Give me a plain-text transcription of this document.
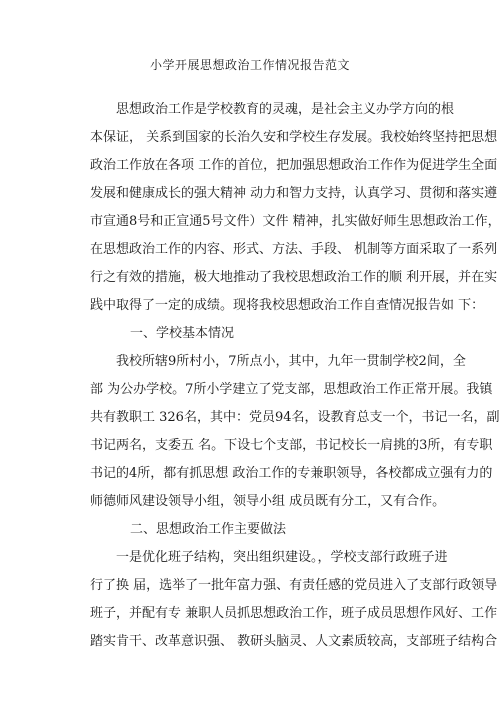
小学开展思想政治工作情况报告范文
　　思想政治工作是学校教育的灵魂，是社会主义办学方向的根
本保证， 关系到国家的长治久安和学校生存发展。我校始终坚持把思想
政治工作放在各项 工作的首位，把加强思想政治工作作为促进学生全面
发展和健康成长的强大精神 动力和智力支持，认真学习、贯彻和落实遵
市宣通8号和正宣通5号文件）文件 精神，扎实做好师生思想政治工作，
在思想政治工作的内容、形式、方法、手段、 机制等方面采取了一系列
行之有效的措施，极大地推动了我校思想政治工作的顺 利开展，并在实
践中取得了一定的成绩。现将我校思想政治工作自查情况报告如 下：
一、学校基本情况
　　我校所辖9所村小，7所点小，其中，九年一贯制学校2间，全
部 为公办学校。7所小学建立了党支部，思想政治工作正常开展。我镇
共有教职工 326名，其中：党员94名，设教育总支一个，书记一名，副
书记两名，支委五 名。下设七个支部，书记校长一肩挑的3所，有专职
书记的4所，都有抓思想 政治工作的专兼职领导，各校都成立强有力的
师德师风建设领导小组，领导小组 成员既有分工，又有合作。
二、思想政治工作主要做法
　　一是优化班子结构，突出组织建设。，学校支部行政班子进
行了换 届，选举了一批年富力强、有责任感的党员进入了支部行政领导
班子，并配有专 兼职人员抓思想政治工作，班子成员思想作风好、工作
踏实肯干、改革意识强、 教研头脑灵、人文素质较高，支部班子结构合
